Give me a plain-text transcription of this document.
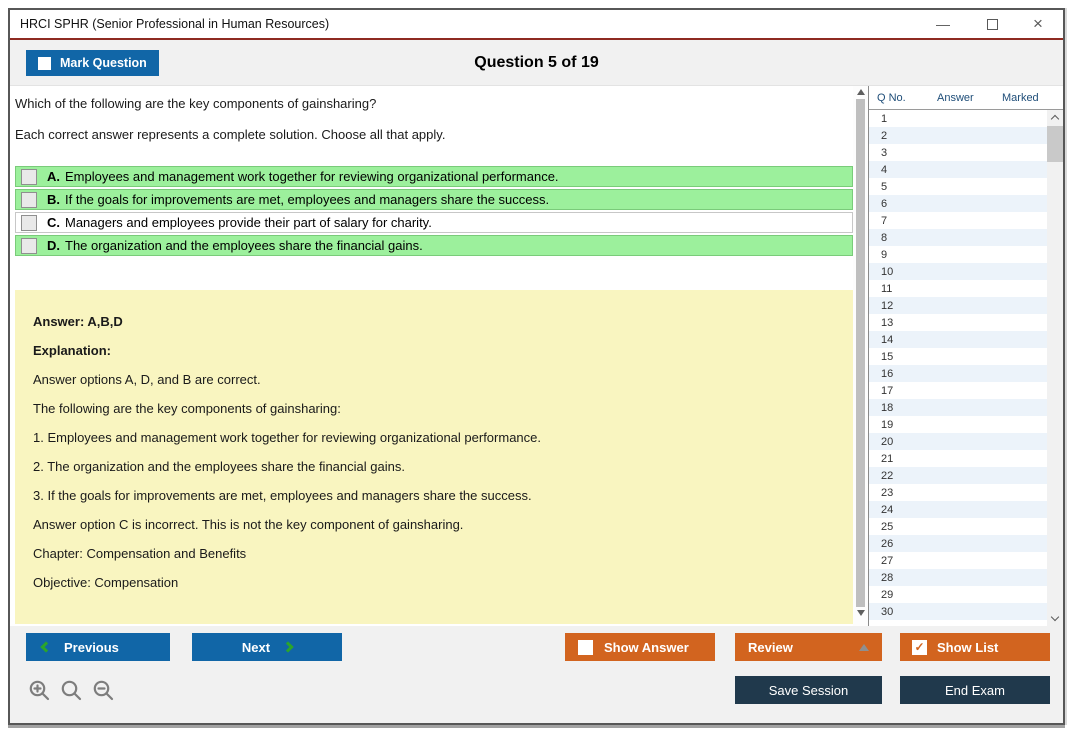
HRCI SPHR (Senior Professional in Human Resources)	—	×
Mark Question	Question 5 of 19

Which of the following are the key components of gainsharing?

Each correct answer represents a complete solution. Choose all that apply.

A. Employees and management work together for reviewing organizational performance.
B. If the goals for improvements are met, employees and managers share the success.
C. Managers and employees provide their part of salary for charity.
D. The organization and the employees share the financial gains.

Answer: A,B,D

Explanation:

Answer options A, D, and B are correct.

The following are the key components of gainsharing:

1. Employees and management work together for reviewing organizational performance.

2. The organization and the employees share the financial gains.

3. If the goals for improvements are met, employees and managers share the success.

Answer option C is incorrect. This is not the key component of gainsharing.

Chapter: Compensation and Benefits

Objective: Compensation

Q No.	Answer	Marked
1
2
3
4
5
6
7
8
9
10
11
12
13
14
15
16
17
18
19
20
21
22
23
24
25
26
27
28
29
30
Previous	Next	Show Answer	Review	✓ Show List
Save Session	End Exam
